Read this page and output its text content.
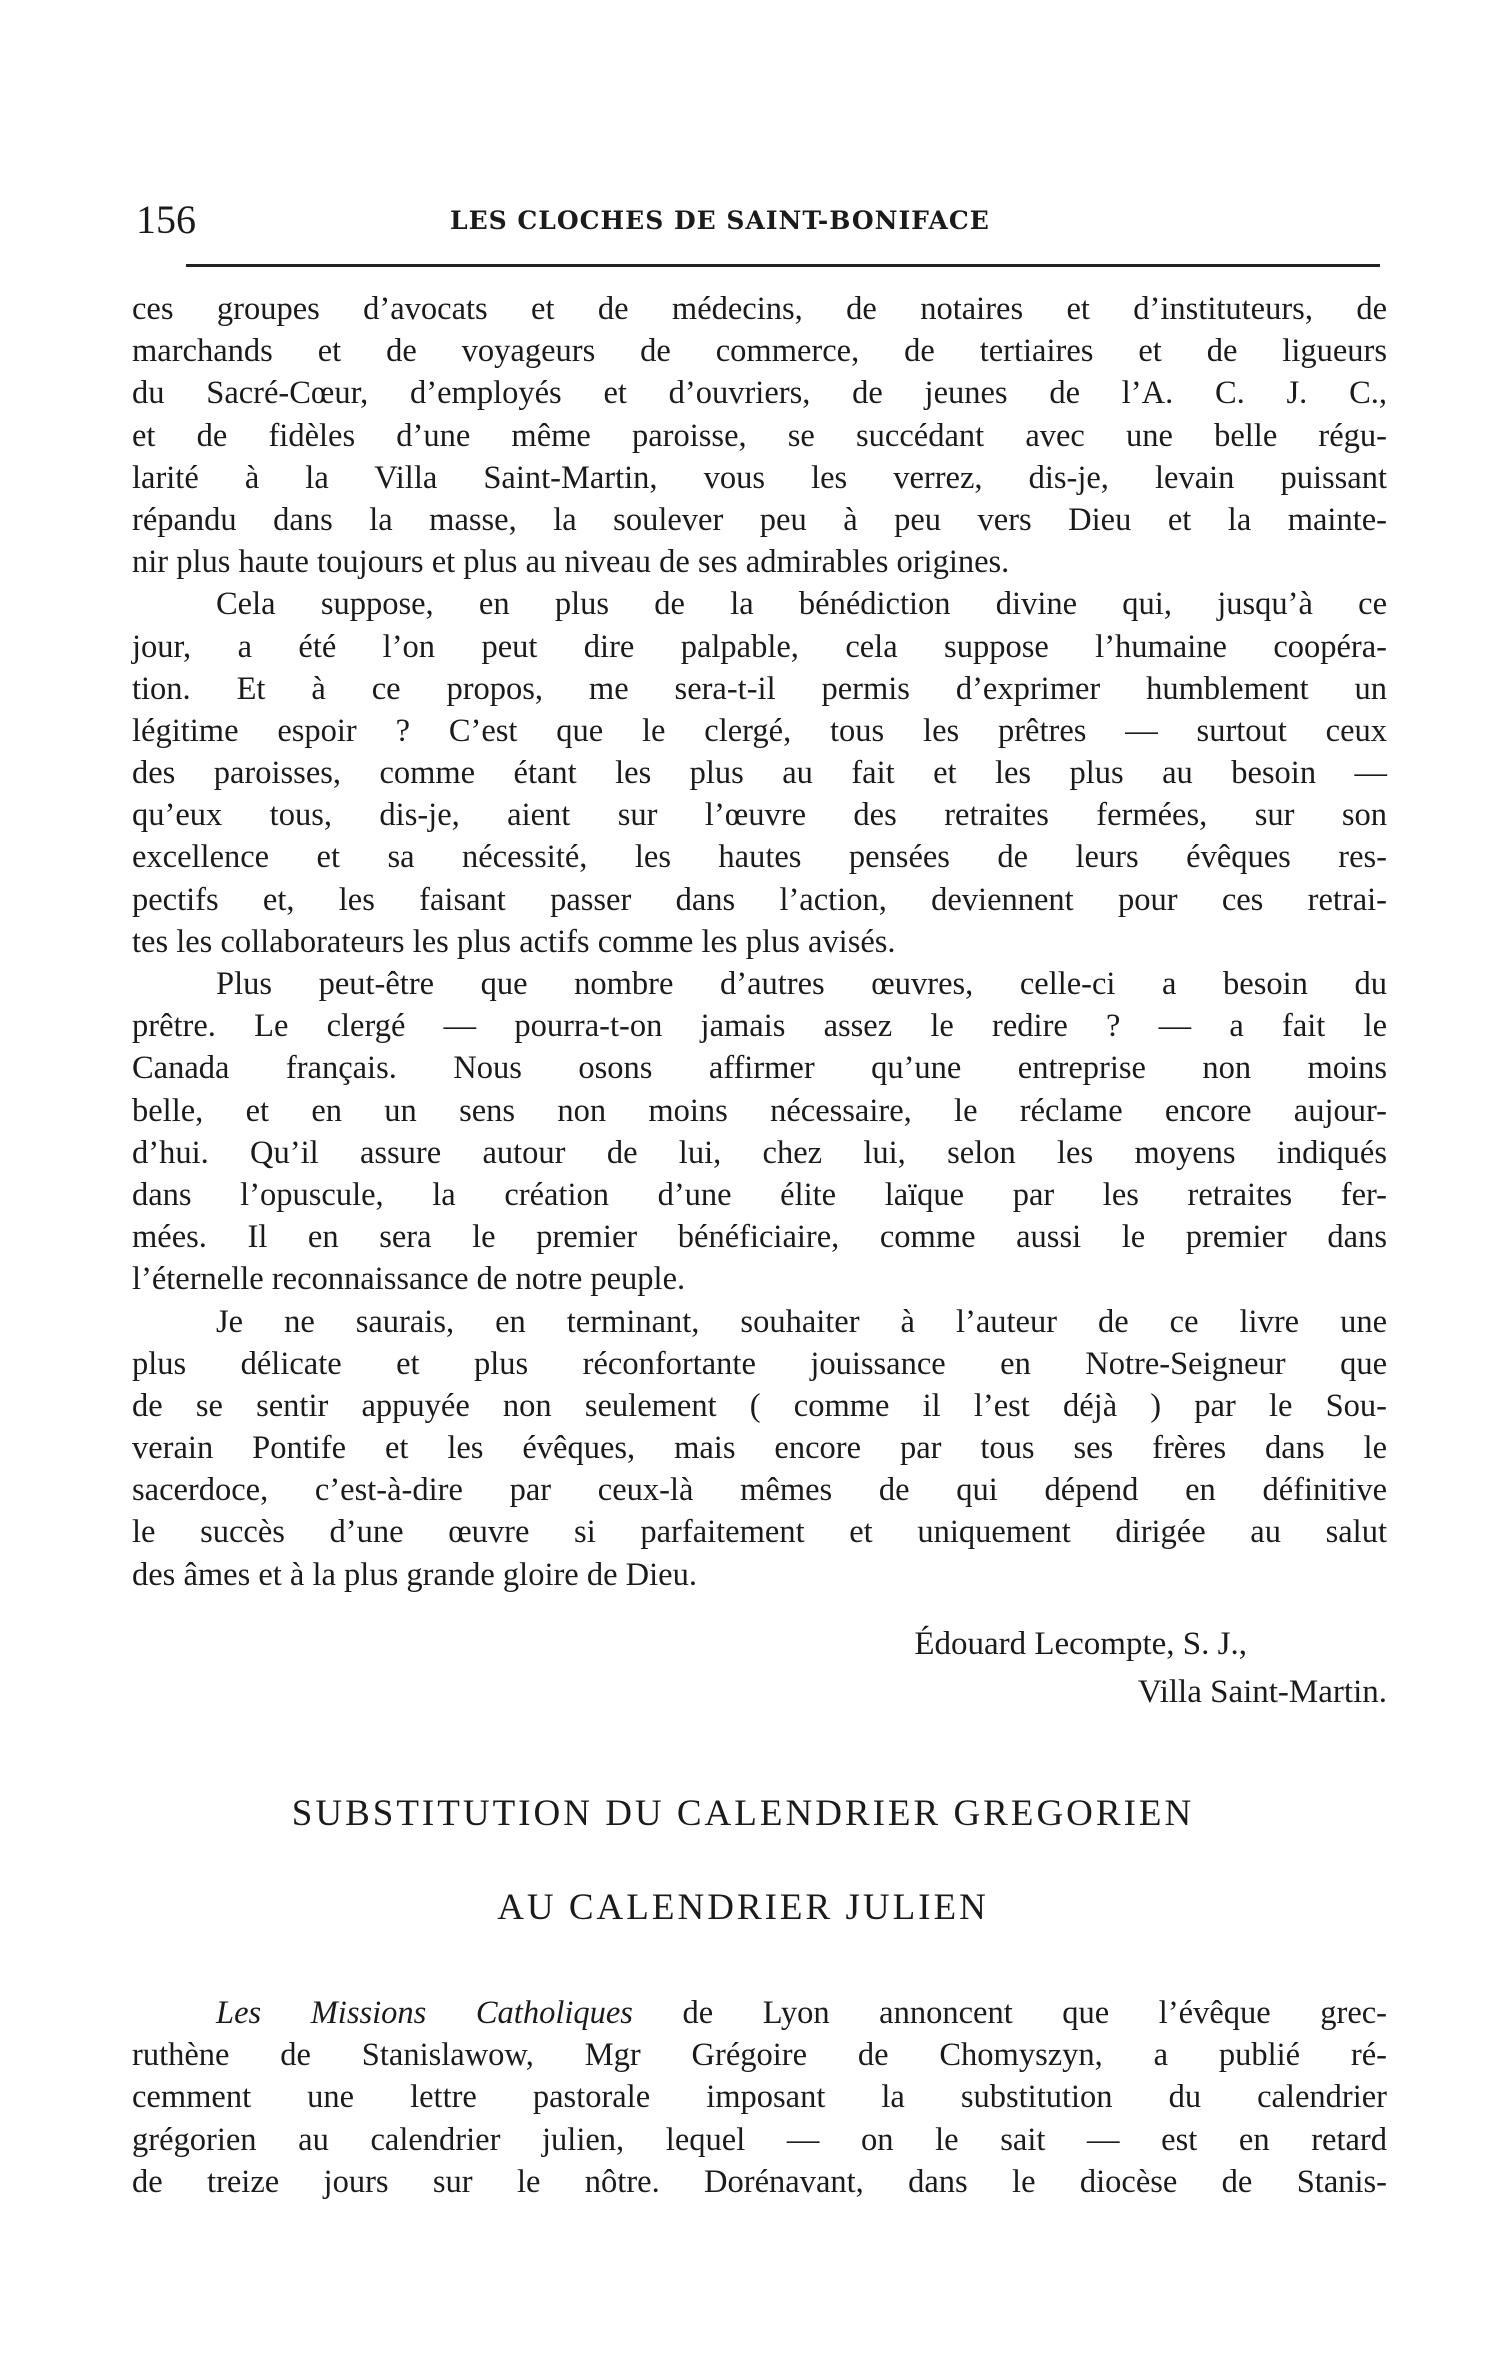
156	LES CLOCHES DE SAINT-BONIFACE
ces groupes d’avocats et de médecins, de notaires et d’instituteurs, de
marchands et de voyageurs de commerce, de tertiaires et de ligueurs
du Sacré-Cœur, d’employés et d’ouvriers, de jeunes de l’A. C. J. C.,
et de fidèles d’une même paroisse, se succédant avec une belle régu-
larité à la Villa Saint-Martin, vous les verrez, dis-je, levain puissant
répandu dans la masse, la soulever peu à peu vers Dieu et la mainte-
nir plus haute toujours et plus au niveau de ses admirables origines.
Cela suppose, en plus de la bénédiction divine qui, jusqu’à ce
jour, a été l’on peut dire palpable, cela suppose l’humaine coopéra-
tion. Et à ce propos, me sera-t-il permis d’exprimer humblement un
légitime espoir ? C’est que le clergé, tous les prêtres — surtout ceux
des paroisses, comme étant les plus au fait et les plus au besoin —
qu’eux tous, dis-je, aient sur l’œuvre des retraites fermées, sur son
excellence et sa nécessité, les hautes pensées de leurs évêques res-
pectifs et, les faisant passer dans l’action, deviennent pour ces retrai-
tes les collaborateurs les plus actifs comme les plus avisés.
Plus peut-être que nombre d’autres œuvres, celle-ci a besoin du
prêtre. Le clergé — pourra-t-on jamais assez le redire ? — a fait le
Canada français. Nous osons affirmer qu’une entreprise non moins
belle, et en un sens non moins nécessaire, le réclame encore aujour-
d’hui. Qu’il assure autour de lui, chez lui, selon les moyens indiqués
dans l’opuscule, la création d’une élite laïque par les retraites fer-
mées. Il en sera le premier bénéficiaire, comme aussi le premier dans
l’éternelle reconnaissance de notre peuple.
Je ne saurais, en terminant, souhaiter à l’auteur de ce livre une
plus délicate et plus réconfortante jouissance en Notre-Seigneur que
de se sentir appuyée non seulement ( comme il l’est déjà ) par le Sou-
verain Pontife et les évêques, mais encore par tous ses frères dans le
sacerdoce, c’est-à-dire par ceux-là mêmes de qui dépend en définitive
le succès d’une œuvre si parfaitement et uniquement dirigée au salut
des âmes et à la plus grande gloire de Dieu.
Édouard Lecompte, S. J.,
Villa Saint-Martin.
SUBSTITUTION DU CALENDRIER GREGORIEN
AU CALENDRIER JULIEN
Les Missions Catholiques de Lyon annoncent que l’évêque grec-
ruthène de Stanislawow, Mgr Grégoire de Chomyszyn, a publié ré-
cemment une lettre pastorale imposant la substitution du calendrier
grégorien au calendrier julien, lequel — on le sait — est en retard
de treize jours sur le nôtre. Dorénavant, dans le diocèse de Stanis-
